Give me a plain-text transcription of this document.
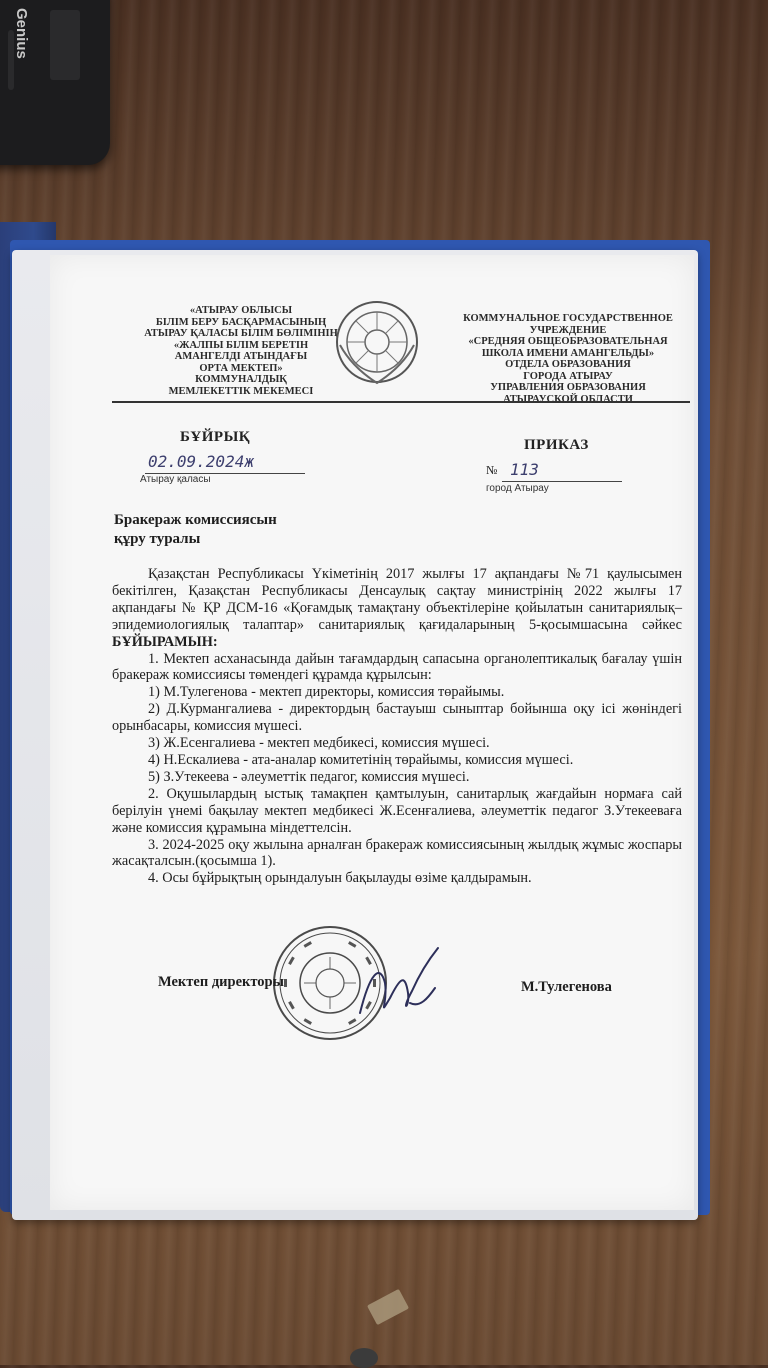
Genius
«АТЫРАУ ОБЛЫСЫ
БІЛІМ БЕРУ БАСҚАРМАСЫНЫҢ
АТЫРАУ ҚАЛАСЫ БІЛІМ БӨЛІМІНІҢ
«ЖАЛПЫ БІЛІМ БЕРЕТІН
АМАНГЕЛДІ АТЫНДАҒЫ
ОРТА МЕКТЕП»
КОММУНАЛДЫҚ
МЕМЛЕКЕТТІК МЕКЕМЕСІ
КОММУНАЛЬНОЕ ГОСУДАРСТВЕННОЕ
УЧРЕЖДЕНИЕ
«СРЕДНЯЯ ОБЩЕОБРАЗОВАТЕЛЬНАЯ
ШКОЛА ИМЕНИ АМАНГЕЛЬДЫ»
ОТДЕЛА ОБРАЗОВАНИЯ
ГОРОДА АТЫРАУ
УПРАВЛЕНИЯ ОБРАЗОВАНИЯ
АТЫРАУСКОЙ ОБЛАСТИ
БҰЙРЫҚ	ПРИКАЗ
02.09.2024ж
Атырау қаласы
№ 113
город Атырау
Бракераж комиссиясын
құру туралы

Қазақстан Республикасы Үкіметінің 2017 жылғы 17 ақпандағы №71 қаулысымен бекітілген, Қазақстан Республикасы Денсаулық сақтау министрінің 2022 жылғы 17 ақпандағы № ҚР ДСМ-16 «Қоғамдық тамақтану объектілеріне қойылатын санитариялық–эпидемиологиялық талаптар» санитариялық қағидаларының 5-қосымшасына сәйкес БҰЙЫРАМЫН:

1. Мектеп асханасында дайын тағамдардың сапасына органолептикалық бағалау үшін бракераж комиссиясы төмендегі құрамда құрылсын:

1) М.Тулегенова - мектеп директоры, комиссия төрайымы.

2) Д.Курмангалиева - директордың бастауыш сыныптар бойынша оқу ісі жөніндегі орынбасары, комиссия мүшесі.

3) Ж.Есенгалиева - мектеп медбикесі, комиссия мүшесі.

4) Н.Ескалиева - ата-аналар комитетінің төрайымы, комиссия мүшесі.

5) З.Утекеева - әлеуметтік педагог, комиссия мүшесі.

2. Оқушылардың ыстық тамақпен қамтылуын, санитарлық жағдайын нормаға сай берілуін үнемі бақылау мектеп медбикесі Ж.Есенғалиева, әлеуметтік педагог З.Утекееваға және комиссия құрамына міндеттелсін.

3. 2024-2025 оқу жылына арналған бракераж комиссиясының жылдық жұмыс жоспары жасақталсын.(қосымша 1).

4. Осы бұйрықтың орындалуын бақылауды өзіме қалдырамын.

Мектеп директоры	М.Тулегенова
